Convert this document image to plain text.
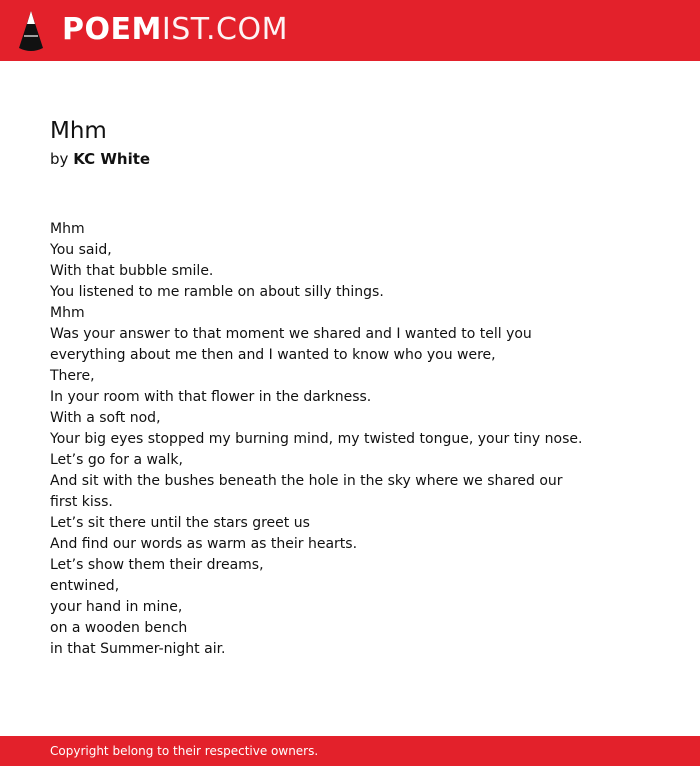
POEMIST.COM
Mhm
by KC White
Mhm
You said,
With that bubble smile.
You listened to me ramble on about silly things.
Mhm
Was your answer to that moment we shared and I wanted to tell you
everything about me then and I wanted to know who you were,
There,
In your room with that flower in the darkness.
With a soft nod,
Your big eyes stopped my burning mind, my twisted tongue, your tiny nose.
Let’s go for a walk,
And sit with the bushes beneath the hole in the sky where we shared our
first kiss.
Let’s sit there until the stars greet us
And find our words as warm as their hearts.
Let’s show them their dreams,
entwined,
your hand in mine,
on a wooden bench
in that Summer-night air.
Copyright belong to their respective owners.
